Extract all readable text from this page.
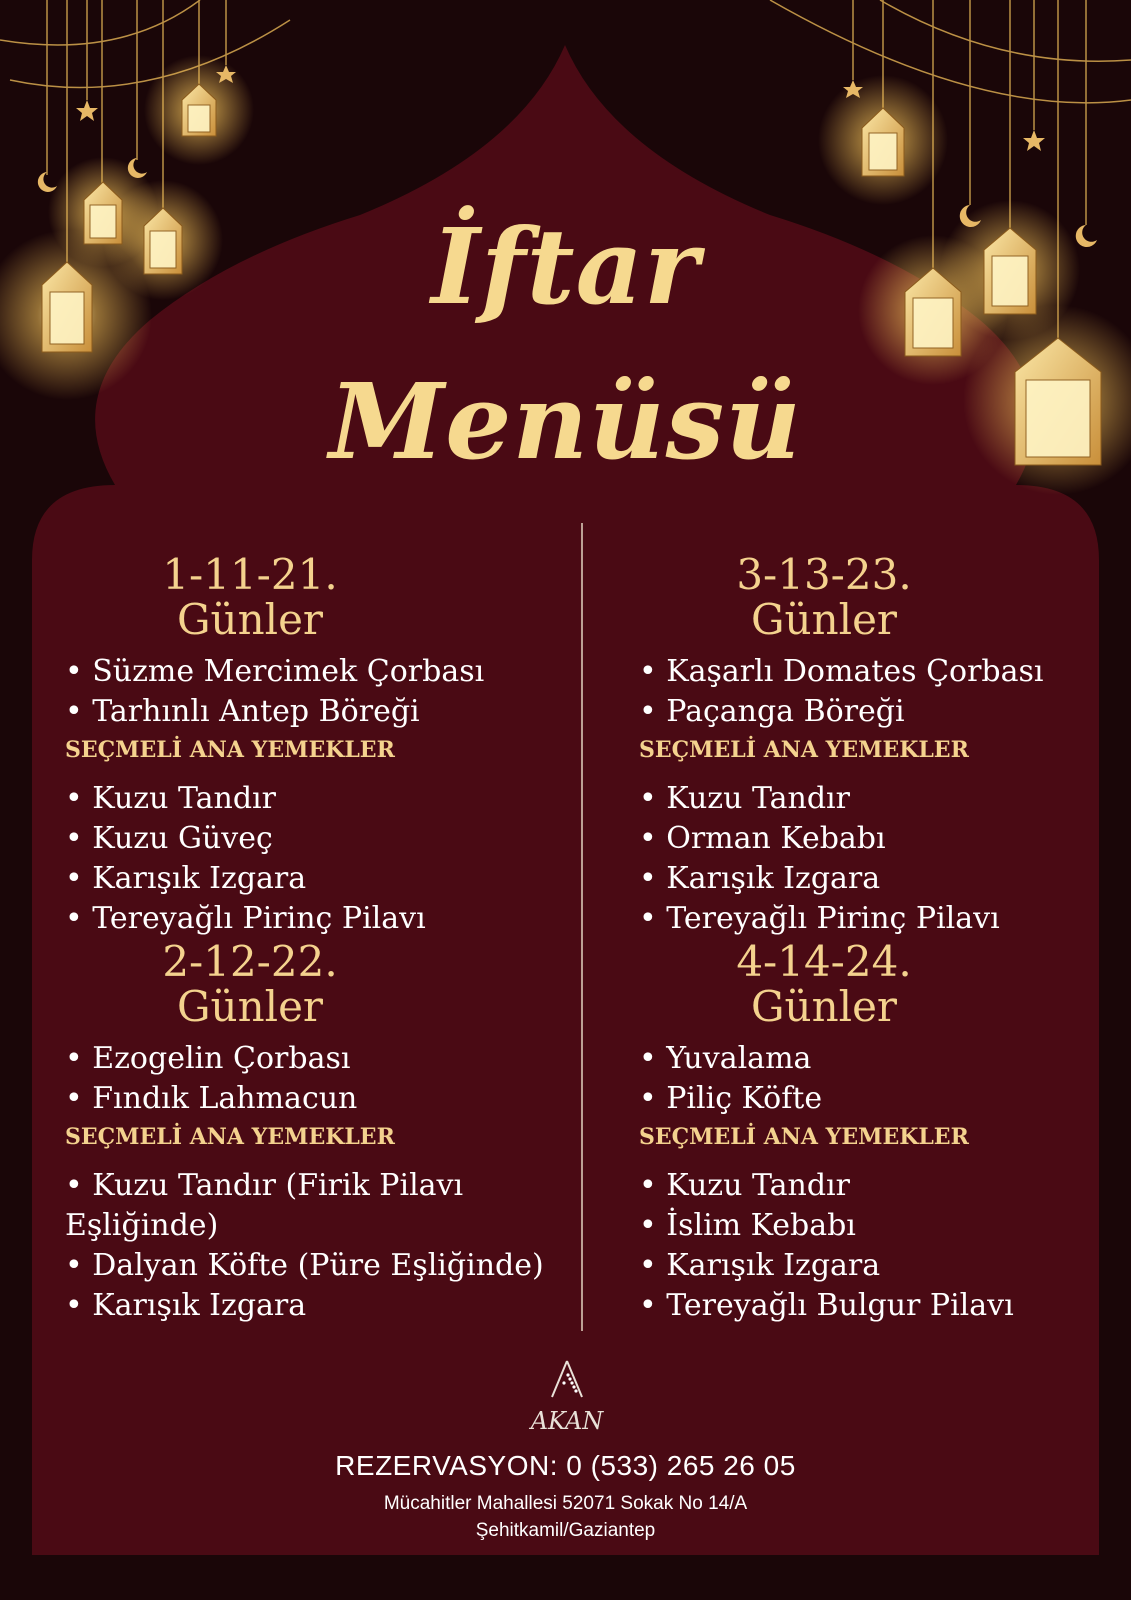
İftar
Menüsü
1-11-21.
Günler
• Süzme Mercimek Çorbası
• Tarhınlı Antep Böreği
SEÇMELİ ANA YEMEKLER
• Kuzu Tandır
• Kuzu Güveç
• Karışık Izgara
• Tereyağlı Pirinç Pilavı
2-12-22.
Günler
• Ezogelin Çorbası
• Fındık Lahmacun
SEÇMELİ ANA YEMEKLER
• Kuzu Tandır (Firik Pilavı Eşliğinde)
• Dalyan Köfte (Püre Eşliğinde)
• Karışık Izgara
3-13-23.
Günler
• Kaşarlı Domates Çorbası
• Paçanga Böreği
SEÇMELİ ANA YEMEKLER
• Kuzu Tandır
• Orman Kebabı
• Karışık Izgara
• Tereyağlı Pirinç Pilavı
4-14-24.
Günler
• Yuvalama
• Piliç Köfte
SEÇMELİ ANA YEMEKLER
• Kuzu Tandır
• İslim Kebabı
• Karışık Izgara
• Tereyağlı Bulgur Pilavı
AKAN
REZERVASYON: 0 (533) 265 26 05
Mücahitler Mahallesi 52071 Sokak No 14/A
Şehitkamil/Gaziantep
